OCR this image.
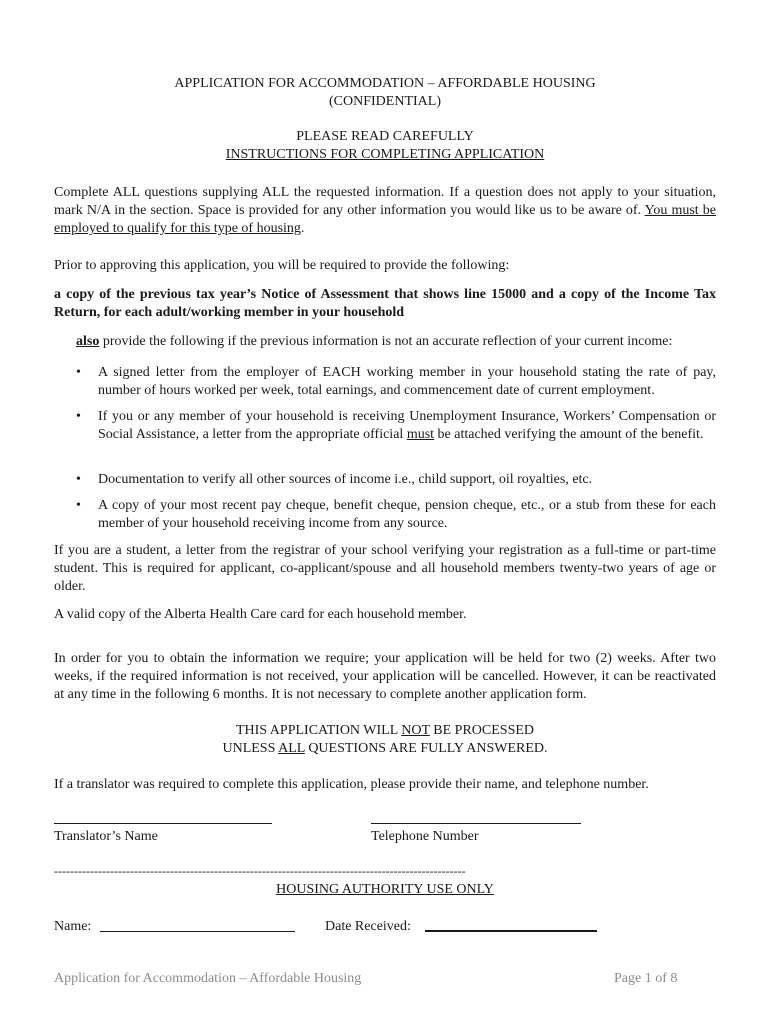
APPLICATION FOR ACCOMMODATION – AFFORDABLE HOUSING
(CONFIDENTIAL)
PLEASE READ CAREFULLY
INSTRUCTIONS FOR COMPLETING APPLICATION

Complete ALL questions supplying ALL the requested information. If a question does not apply to your situation, mark N/A in the section. Space is provided for any other information you would like us to be aware of. You must be employed to qualify for this type of housing.

Prior to approving this application, you will be required to provide the following:

a copy of the previous tax year’s Notice of Assessment that shows line 15000 and a copy of the Income Tax Return, for each adult/working member in your household

also provide the following if the previous information is not an accurate reflection of your current income:

• A signed letter from the employer of EACH working member in your household stating the rate of pay, number of hours worked per week, total earnings, and commencement date of current employment.
• If you or any member of your household is receiving Unemployment Insurance, Workers’ Compensation or Social Assistance, a letter from the appropriate official must be attached verifying the amount of the benefit.
• Documentation to verify all other sources of income i.e., child support, oil royalties, etc.
• A copy of your most recent pay cheque, benefit cheque, pension cheque, etc., or a stub from these for each member of your household receiving income from any source.

If you are a student, a letter from the registrar of your school verifying your registration as a full-time or part-time student. This is required for applicant, co-applicant/spouse and all household members twenty-two years of age or older.

A valid copy of the Alberta Health Care card for each household member.

In order for you to obtain the information we require; your application will be held for two (2) weeks. After two weeks, if the required information is not received, your application will be cancelled. However, it can be reactivated at any time in the following 6 months. It is not necessary to complete another application form.

THIS APPLICATION WILL NOT BE PROCESSED
UNLESS ALL QUESTIONS ARE FULLY ANSWERED.

If a translator was required to complete this application, please provide their name, and telephone number.

Translator’s Name	Telephone Number
-------------------------------------------------------------------------------------------------------
HOUSING AUTHORITY USE ONLY
Name:	Date Received:
Application for Accommodation – Affordable Housing	Page 1 of 8
